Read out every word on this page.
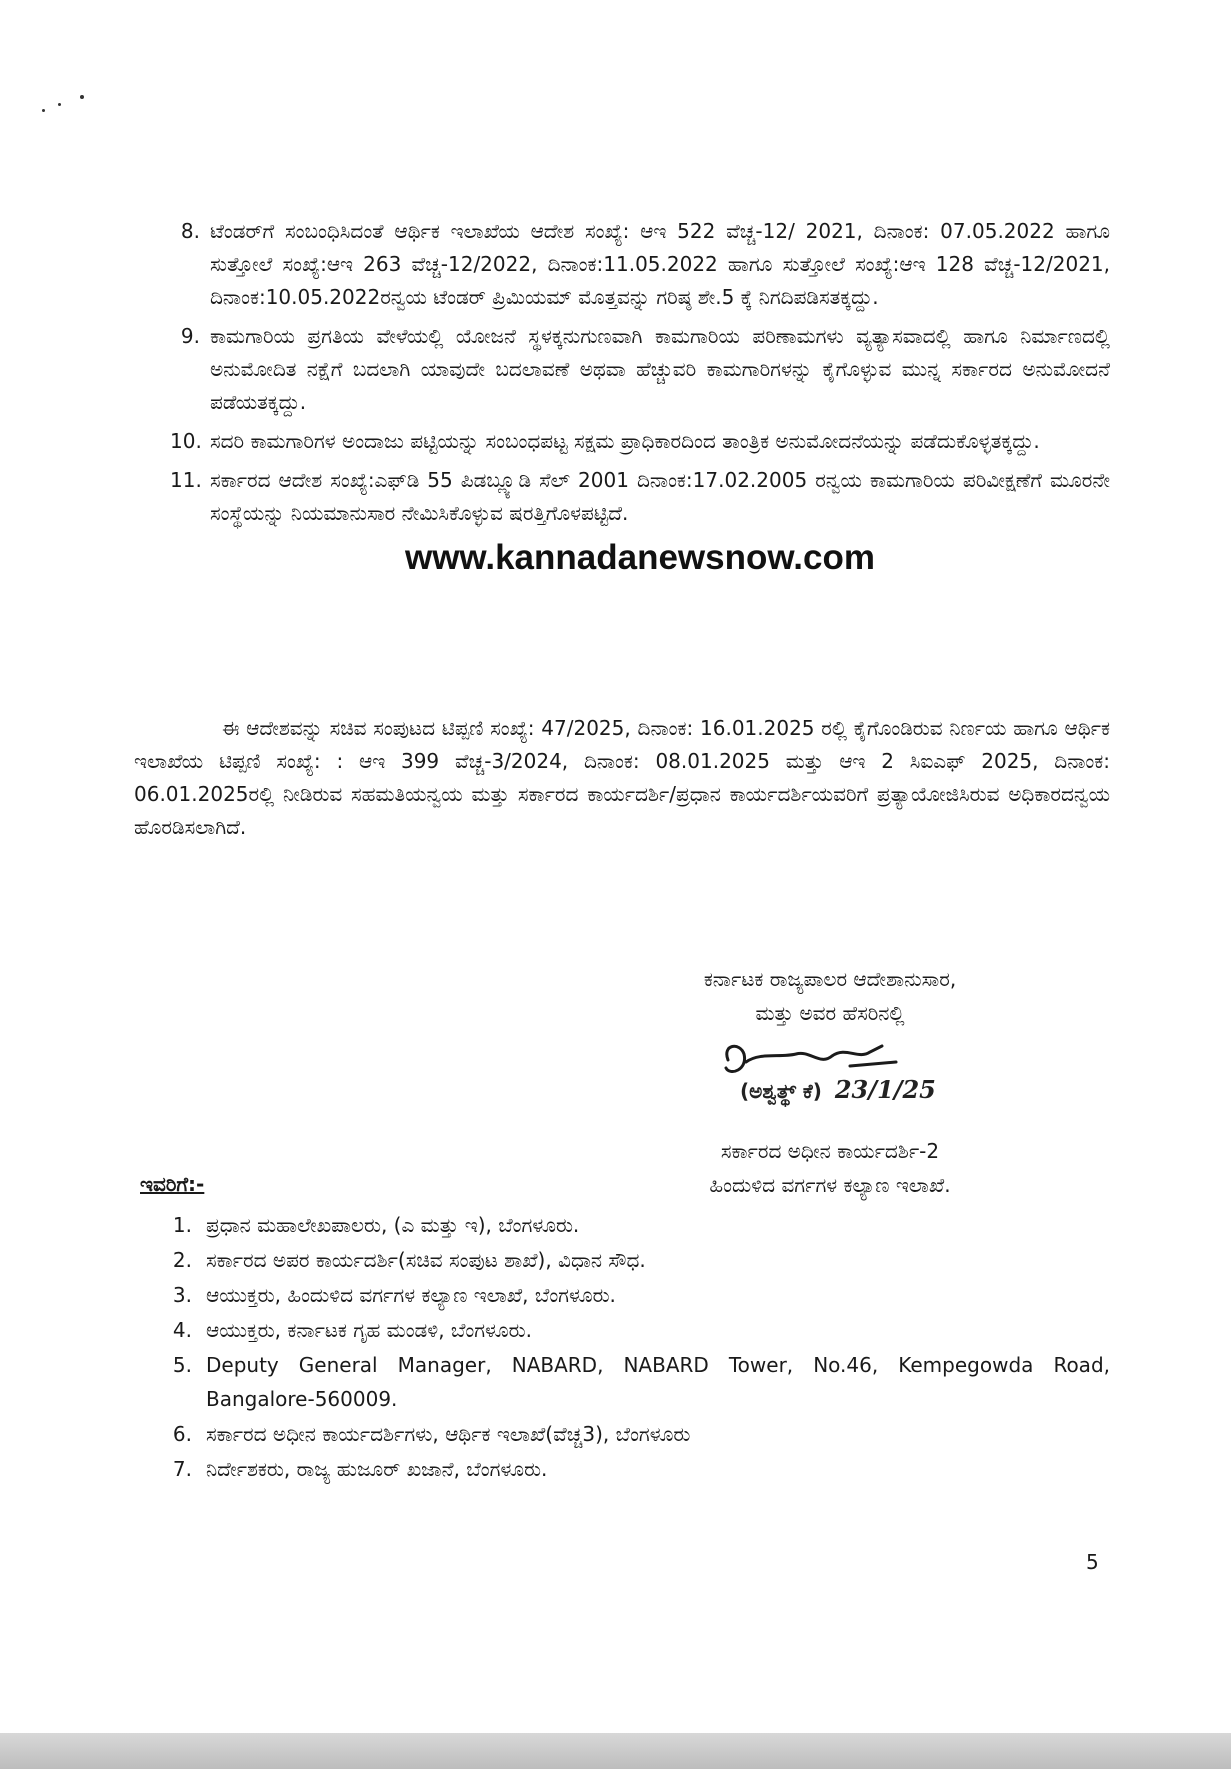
8. ಟೆಂಡರ್‌ಗೆ ಸಂಬಂಧಿಸಿದಂತೆ ಆರ್ಥಿಕ ಇಲಾಖೆಯ ಆದೇಶ ಸಂಖ್ಯೆ: ಆಇ 522 ವೆಚ್ಚ-12/ 2021, ದಿನಾಂಕ: 07.05.2022 ಹಾಗೂ ಸುತ್ತೋಲೆ ಸಂಖ್ಯೆ:ಆಇ 263 ವೆಚ್ಚ-12/2022, ದಿನಾಂಕ:11.05.2022 ಹಾಗೂ ಸುತ್ತೋಲೆ ಸಂಖ್ಯೆ:ಆಇ 128 ವೆಚ್ಚ-12/2021, ದಿನಾಂಕ:10.05.2022ರನ್ವಯ ಟೆಂಡರ್ ಪ್ರಿಮಿಯಮ್ ಮೊತ್ತವನ್ನು ಗರಿಷ್ಠ ಶೇ.5 ಕ್ಕೆ ನಿಗದಿಪಡಿಸತಕ್ಕದ್ದು.
9. ಕಾಮಗಾರಿಯ ಪ್ರಗತಿಯ ವೇಳೆಯಲ್ಲಿ ಯೋಜನೆ ಸ್ಥಳಕ್ಕನುಗುಣವಾಗಿ ಕಾಮಗಾರಿಯ ಪರಿಣಾಮಗಳು ವ್ಯತ್ಯಾಸವಾದಲ್ಲಿ ಹಾಗೂ ನಿರ್ಮಾಣದಲ್ಲಿ ಅನುಮೋದಿತ ನಕ್ಷೆಗೆ ಬದಲಾಗಿ ಯಾವುದೇ ಬದಲಾವಣೆ ಅಥವಾ ಹೆಚ್ಚುವರಿ ಕಾಮಗಾರಿಗಳನ್ನು ಕೈಗೊಳ್ಳುವ ಮುನ್ನ ಸರ್ಕಾರದ ಅನುಮೋದನೆ ಪಡೆಯತಕ್ಕದ್ದು.
10. ಸದರಿ ಕಾಮಗಾರಿಗಳ ಅಂದಾಜು ಪಟ್ಟಿಯನ್ನು ಸಂಬಂಧಪಟ್ಟ ಸಕ್ಷಮ ಪ್ರಾಧಿಕಾರದಿಂದ ತಾಂತ್ರಿಕ ಅನುಮೋದನೆಯನ್ನು ಪಡೆದುಕೊಳ್ಳತಕ್ಕದ್ದು.
11. ಸರ್ಕಾರದ ಆದೇಶ ಸಂಖ್ಯೆ:ಎಫ್‌ಡಿ 55 ಪಿಡಬ್ಲ್ಯೂಡಿ ಸೆಲ್ 2001 ದಿನಾಂಕ:17.02.2005 ರನ್ವಯ ಕಾಮಗಾರಿಯ ಪರಿವೀಕ್ಷಣೆಗೆ ಮೂರನೇ ಸಂಸ್ಥೆಯನ್ನು ನಿಯಮಾನುಸಾರ ನೇಮಿಸಿಕೊಳ್ಳುವ ಷರತ್ತಿಗೊಳಪಟ್ಟಿದೆ.
www.kannadanewsnow.com
ಈ ಆದೇಶವನ್ನು ಸಚಿವ ಸಂಪುಟದ ಟಿಪ್ಪಣಿ ಸಂಖ್ಯೆ: 47/2025, ದಿನಾಂಕ: 16.01.2025 ರಲ್ಲಿ ಕೈಗೊಂಡಿರುವ ನಿರ್ಣಯ ಹಾಗೂ ಆರ್ಥಿಕ ಇಲಾಖೆಯ ಟಿಪ್ಪಣಿ ಸಂಖ್ಯೆ: : ಆಇ 399 ವೆಚ್ಚ-3/2024, ದಿನಾಂಕ: 08.01.2025 ಮತ್ತು ಆಇ 2 ಸಿಐಎಫ್ 2025, ದಿನಾಂಕ: 06.01.2025ರಲ್ಲಿ ನೀಡಿರುವ ಸಹಮತಿಯನ್ವಯ ಮತ್ತು ಸರ್ಕಾರದ ಕಾರ್ಯದರ್ಶಿ/ಪ್ರಧಾನ ಕಾರ್ಯದರ್ಶಿಯವರಿಗೆ ಪ್ರತ್ಯಾಯೋಜಿಸಿರುವ ಅಧಿಕಾರದನ್ವಯ ಹೊರಡಿಸಲಾಗಿದೆ.
ಕರ್ನಾಟಕ ರಾಜ್ಯಪಾಲರ ಆದೇಶಾನುಸಾರ,
ಮತ್ತು ಅವರ ಹೆಸರಿನಲ್ಲಿ
ಸರ್ಕಾರದ ಅಧೀನ ಕಾರ್ಯದರ್ಶಿ-2
ಹಿಂದುಳಿದ ವರ್ಗಗಳ ಕಲ್ಯಾಣ ಇಲಾಖೆ.
(ಅಶ್ವತ್ಥ್ ಕೆ) 23/1/25
ಇವರಿಗೆ:-
1. ಪ್ರಧಾನ ಮಹಾಲೇಖಪಾಲರು, (ಎ ಮತ್ತು ಇ), ಬೆಂಗಳೂರು.
2. ಸರ್ಕಾರದ ಅಪರ ಕಾರ್ಯದರ್ಶಿ(ಸಚಿವ ಸಂಪುಟ ಶಾಖೆ), ವಿಧಾನ ಸೌಧ.
3. ಆಯುಕ್ತರು, ಹಿಂದುಳಿದ ವರ್ಗಗಳ ಕಲ್ಯಾಣ ಇಲಾಖೆ, ಬೆಂಗಳೂರು.
4. ಆಯುಕ್ತರು, ಕರ್ನಾಟಕ ಗೃಹ ಮಂಡಳಿ, ಬೆಂಗಳೂರು.
5. Deputy General Manager, NABARD, NABARD Tower, No.46, Kempegowda Road, Bangalore-560009.
6. ಸರ್ಕಾರದ ಅಧೀನ ಕಾರ್ಯದರ್ಶಿಗಳು, ಆರ್ಥಿಕ ಇಲಾಖೆ(ವೆಚ್ಚ3), ಬೆಂಗಳೂರು
7. ನಿರ್ದೇಶಕರು, ರಾಜ್ಯ ಹುಜೂರ್ ಖಜಾನೆ, ಬೆಂಗಳೂರು.
5
